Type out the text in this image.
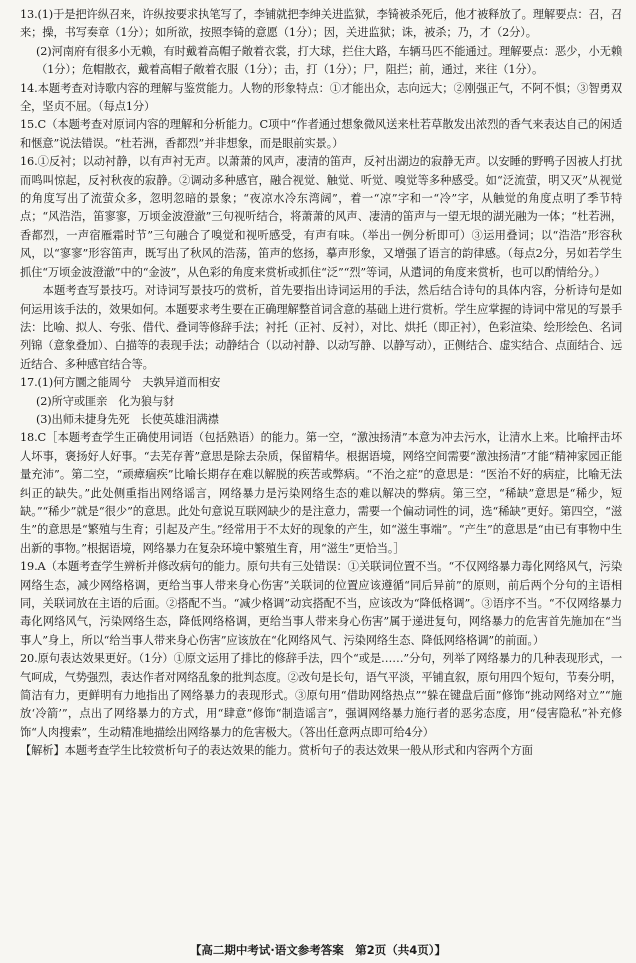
13.(1)于是把许纵召来，许纵按要求执笔写了，李铺就把李绅关进监狱，李锜被杀死后，他才被释放了。理解要点：召，召来；操，书写奏章（1分）；如所欲，按照李锜的意愿（1分）；因，关进监狱；诛，被杀；乃，才（2分）。

(2)河南府有很多小无赖，有时戴着高帽子敞着衣裳，打大球，拦住大路，车辆马匹不能通过。理解要点：恶少，小无赖（1分）；危帽散衣，戴着高帽子敞着衣服（1分）；击，打（1分）；尸，阻拦；前，通过，来往（1分）。

14.本题考查对诗歌内容的理解与鉴赏能力。人物的形象特点：①才能出众，志向远大；②刚强正气，不阿不惧；③智勇双全，坚贞不屈。（每点1分）

15.C（本题考查对原词内容的理解和分析能力。C项中“作者通过想象微风送来杜若草散发出浓烈的香气来表达自己的闲适和惬意”说法错误。“杜若洲，香都烈”并非想象，而是眼前实景。）

16.①反衬；以动衬静，以有声衬无声。以萧萧的风声，凄清的笛声，反衬出湖边的寂静无声。以安睡的野鸭子因被人打扰而鸣叫惊起，反衬秋夜的寂静。②调动多种感官，融合视觉、触觉、听觉、嗅觉等多种感受。如“泛流萤，明又灭”从视觉的角度写出了流萤众多，忽明忽暗的景象；“夜凉水冷东湾阔”，着一“凉”字和一“冷”字，从触觉的角度点明了季节特点；“风浩浩，笛寥寥，万顷金波澄澈”三句视听结合，将萧萧的风声、凄清的笛声与一望无垠的湖光融为一体；“杜若洲，香都烈，一声宿雁霜时节”三句融合了嗅觉和视听感受，有声有味。（举出一例分析即可）③运用叠词；以“浩浩”形容秋风，以“寥寥”形容笛声，既写出了秋风的浩荡，笛声的悠扬，摹声形象，又增强了语言的韵律感。（每点2分，另如若学生抓住“万顷金波澄澈”中的“金波”，从色彩的角度来赏析或抓住“泛”“烈”等词，从遣词的角度来赏析，也可以酌情给分。）

本题考查写景技巧。对诗词写景技巧的赏析，首先要指出诗词运用的手法，然后结合诗句的具体内容，分析诗句是如何运用该手法的，效果如何。本题要求考生要在正确理解整首词含意的基础上进行赏析。学生应掌握的诗词中常见的写景手法：比喻、拟人、夸张、借代、叠词等修辞手法；衬托（正衬、反衬），对比、烘托（即正衬），色彩渲染、绘形绘色、名词列锦（意象叠加）、白描等的表现手法；动静结合（以动衬静、以动写静、以静写动），正侧结合、虚实结合、点面结合、远近结合、多种感官结合等。

17.(1)何方圜之能周兮　夫孰异道而相安

(2)所守或匪亲　化为狼与豺

(3)出师未捷身先死　长使英雄泪满襟

18.C［本题考查学生正确使用词语（包括熟语）的能力。第一空，“激浊扬清”本意为冲去污水，让清水上来。比喻抨击坏人坏事，褒扬好人好事。“去芜存菁”意思是除去杂质，保留精华。根据语境，网络空间需要“激浊扬清”才能“精神家园正能量充沛”。第二空，“顽瘴痼疾”比喻长期存在难以解脱的疾苦或弊病。“不治之症”的意思是：“医治不好的病症，比喻无法纠正的缺失。”此处侧重指出网络谣言，网络暴力是污染网络生态的难以解决的弊病。第三空，“稀缺”意思是“稀少，短缺。”“稀少”就是“很少”的意思。此处句意说互联网缺少的是注意力，需要一个偏动词性的词，选“稀缺”更好。第四空，“滋生”的意思是“繁殖与生育；引起及产生。”经常用于不太好的现象的产生，如“滋生事端”。“产生”的意思是“由已有事物中生出新的事物。”根据语境，网络暴力在复杂环境中繁殖生育，用“滋生”更恰当。］

19.A（本题考查学生辨析并修改病句的能力。原句共有三处错误：①关联词位置不当。“不仅网络暴力毒化网络风气，污染网络生态，减少网络格调，更给当事人带来身心伤害”关联词的位置应该遵循“同后异前”的原则，前后两个分句的主语相同，关联词放在主语的后面。②搭配不当。“减少格调”动宾搭配不当，应该改为“降低格调”。③语序不当。“不仅网络暴力毒化网络风气，污染网络生态，降低网络格调，更给当事人带来身心伤害”属于递进复句，网络暴力的危害首先施加在“当事人”身上，所以“给当事人带来身心伤害”应该放在“化网络风气、污染网络生态、降低网络格调”的前面。）

20.原句表达效果更好。（1分）①原文运用了排比的修辞手法，四个“或是……”分句，列举了网络暴力的几种表现形式，一气呵成，气势强烈，表达作者对网络乱象的批判态度。②改句是长句，语气平淡，平铺直叙，原句用四个短句，节奏分明，简洁有力，更鲜明有力地指出了网络暴力的表现形式。③原句用“借助网络热点”“躲在键盘后面”修饰“挑动网络对立”“施放‘冷箭’”，点出了网络暴力的方式，用“肆意”修饰“制造谣言”，强调网络暴力施行者的恶劣态度，用“侵害隐私”补充修饰“人肉搜索”，生动精准地描绘出网络暴力的危害极大。（答出任意两点即可给4分）

【解析】本题考查学生比较赏析句子的表达效果的能力。赏析句子的表达效果一般从形式和内容两个方面

【高二期中考试·语文参考答案　第2页（共4页）】
